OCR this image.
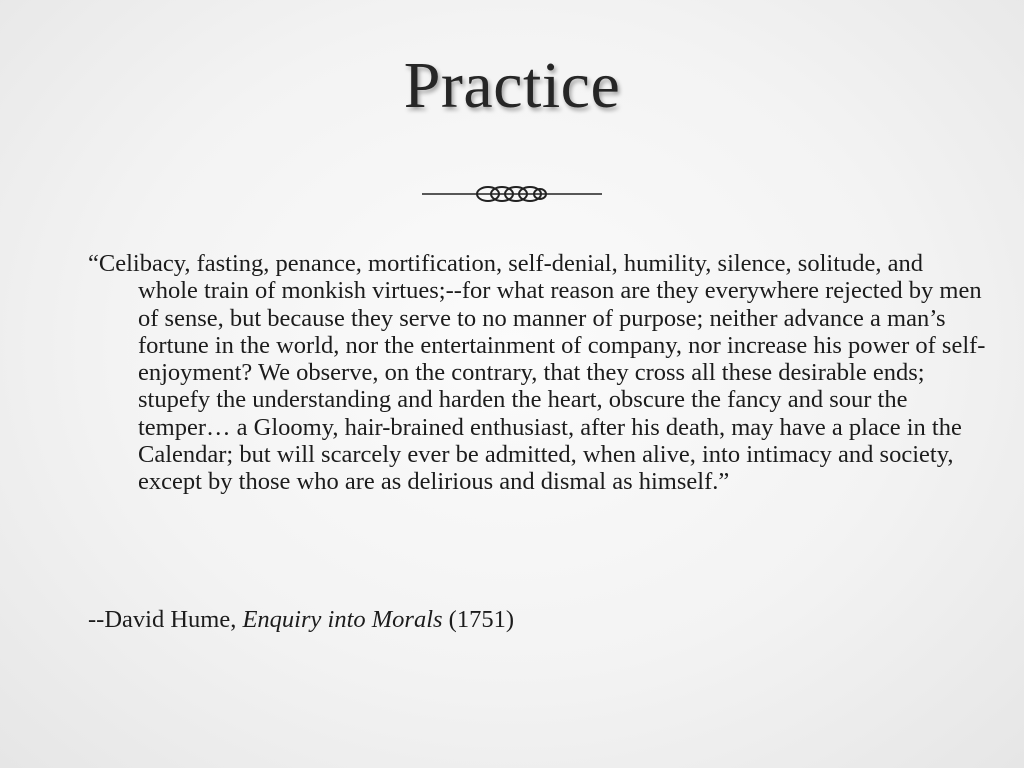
Practice

“Celibacy, fasting, penance, mortification, self-denial, humility, silence, solitude, and whole train of monkish virtues;--for what reason are they everywhere rejected by men of sense, but because they serve to no manner of purpose; neither advance a man’s fortune in the world, nor the entertainment of company, nor increase his power of self-enjoyment? We observe, on the contrary, that they cross all these desirable ends; stupefy the understanding and harden the heart, obscure the fancy and sour the temper… a Gloomy, hair-brained enthusiast, after his death, may have a place in the Calendar; but will scarcely ever be admitted, when alive, into intimacy and society, except by those who are as delirious and dismal as himself.”

--David Hume, Enquiry into Morals (1751)
